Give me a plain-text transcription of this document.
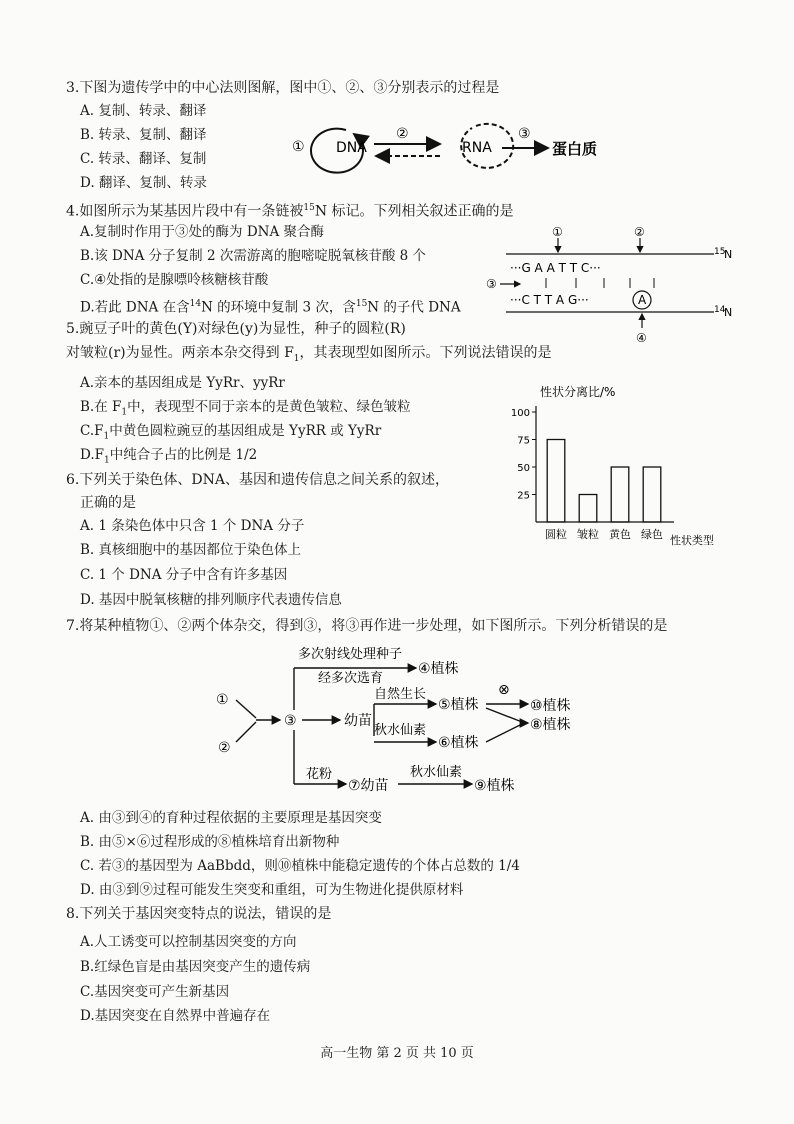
3.下图为遗传学中的中心法则图解，图中①、②、③分别表示的过程是
A. 复制、转录、翻译
B. 转录、复制、翻译
C. 转录、翻译、复制
D. 翻译、复制、转录
① DNA
②
RNA
③
蛋白质
4.如图所示为某基因片段中有一条链被$^{15}$N 标记。下列相关叙述正确的是
A.复制时作用于③处的酶为 DNA 聚合酶
B.该 DNA 分子复制 2 次需游离的胞嘧啶脱氧核苷酸 8 个
C.④处指的是腺嘌呤核糖核苷酸
D.若此 DNA 在含$^{14}$N 的环境中复制 3 次，含$^{15}$N 的子代 DNA
①	②
15
N
···G A A T T C···
③
···C T T A G···	A
14
N
④
5.豌豆子叶的黄色(Y)对绿色(y)为显性，种子的圆粒(R)
对皱粒(r)为显性。两亲本杂交得到 $F_1$，其表现型如图所示。下列说法错误的是
A.亲本的基因组成是 YyRr、yyRr
B.在 $F_1$中，表现型不同于亲本的是黄色皱粒、绿色皱粒
$C.F_1$中黄色圆粒豌豆的基因组成是 YyRR 或 YyRr
$D.F_1$中纯合子占的比例是 1/2
性状分离比/%
25
50
75
100
圆粒 皱粒 黄色 绿色 性状类型
6.下列关于染色体、DNA、基因和遗传信息之间关系的叙述，
正确的是
A. 1 条染色体中只含 1 个 DNA 分子
B. 真核细胞中的基因都位于染色体上
C. 1 个 DNA 分子中含有许多基因
D. 基因中脱氧核糖的排列顺序代表遗传信息
7.将某种植物①、②两个体杂交，得到③，将③再作进一步处理，如下图所示。下列分析错误的是
①
②
③
多次射线处理种子
经多次选育
④植株
幼苗
自然生长
⑤植株
秋水仙素
⑥植株
⊗
⑩植株
⑧植株
花粉
⑦幼苗
秋水仙素
⑨植株
A. 由③到④的育种过程依据的主要原理是基因突变
B. 由⑤×⑥过程形成的⑧植株培育出新物种
C. 若③的基因型为 AaBbdd，则⑩植株中能稳定遗传的个体占总数的 1/4
D. 由③到⑨过程可能发生突变和重组，可为生物进化提供原材料
8.下列关于基因突变特点的说法，错误的是
A.人工诱变可以控制基因突变的方向
B.红绿色盲是由基因突变产生的遗传病
C.基因突变可产生新基因
D.基因突变在自然界中普遍存在
高一生物 第 2 页 共 10 页
